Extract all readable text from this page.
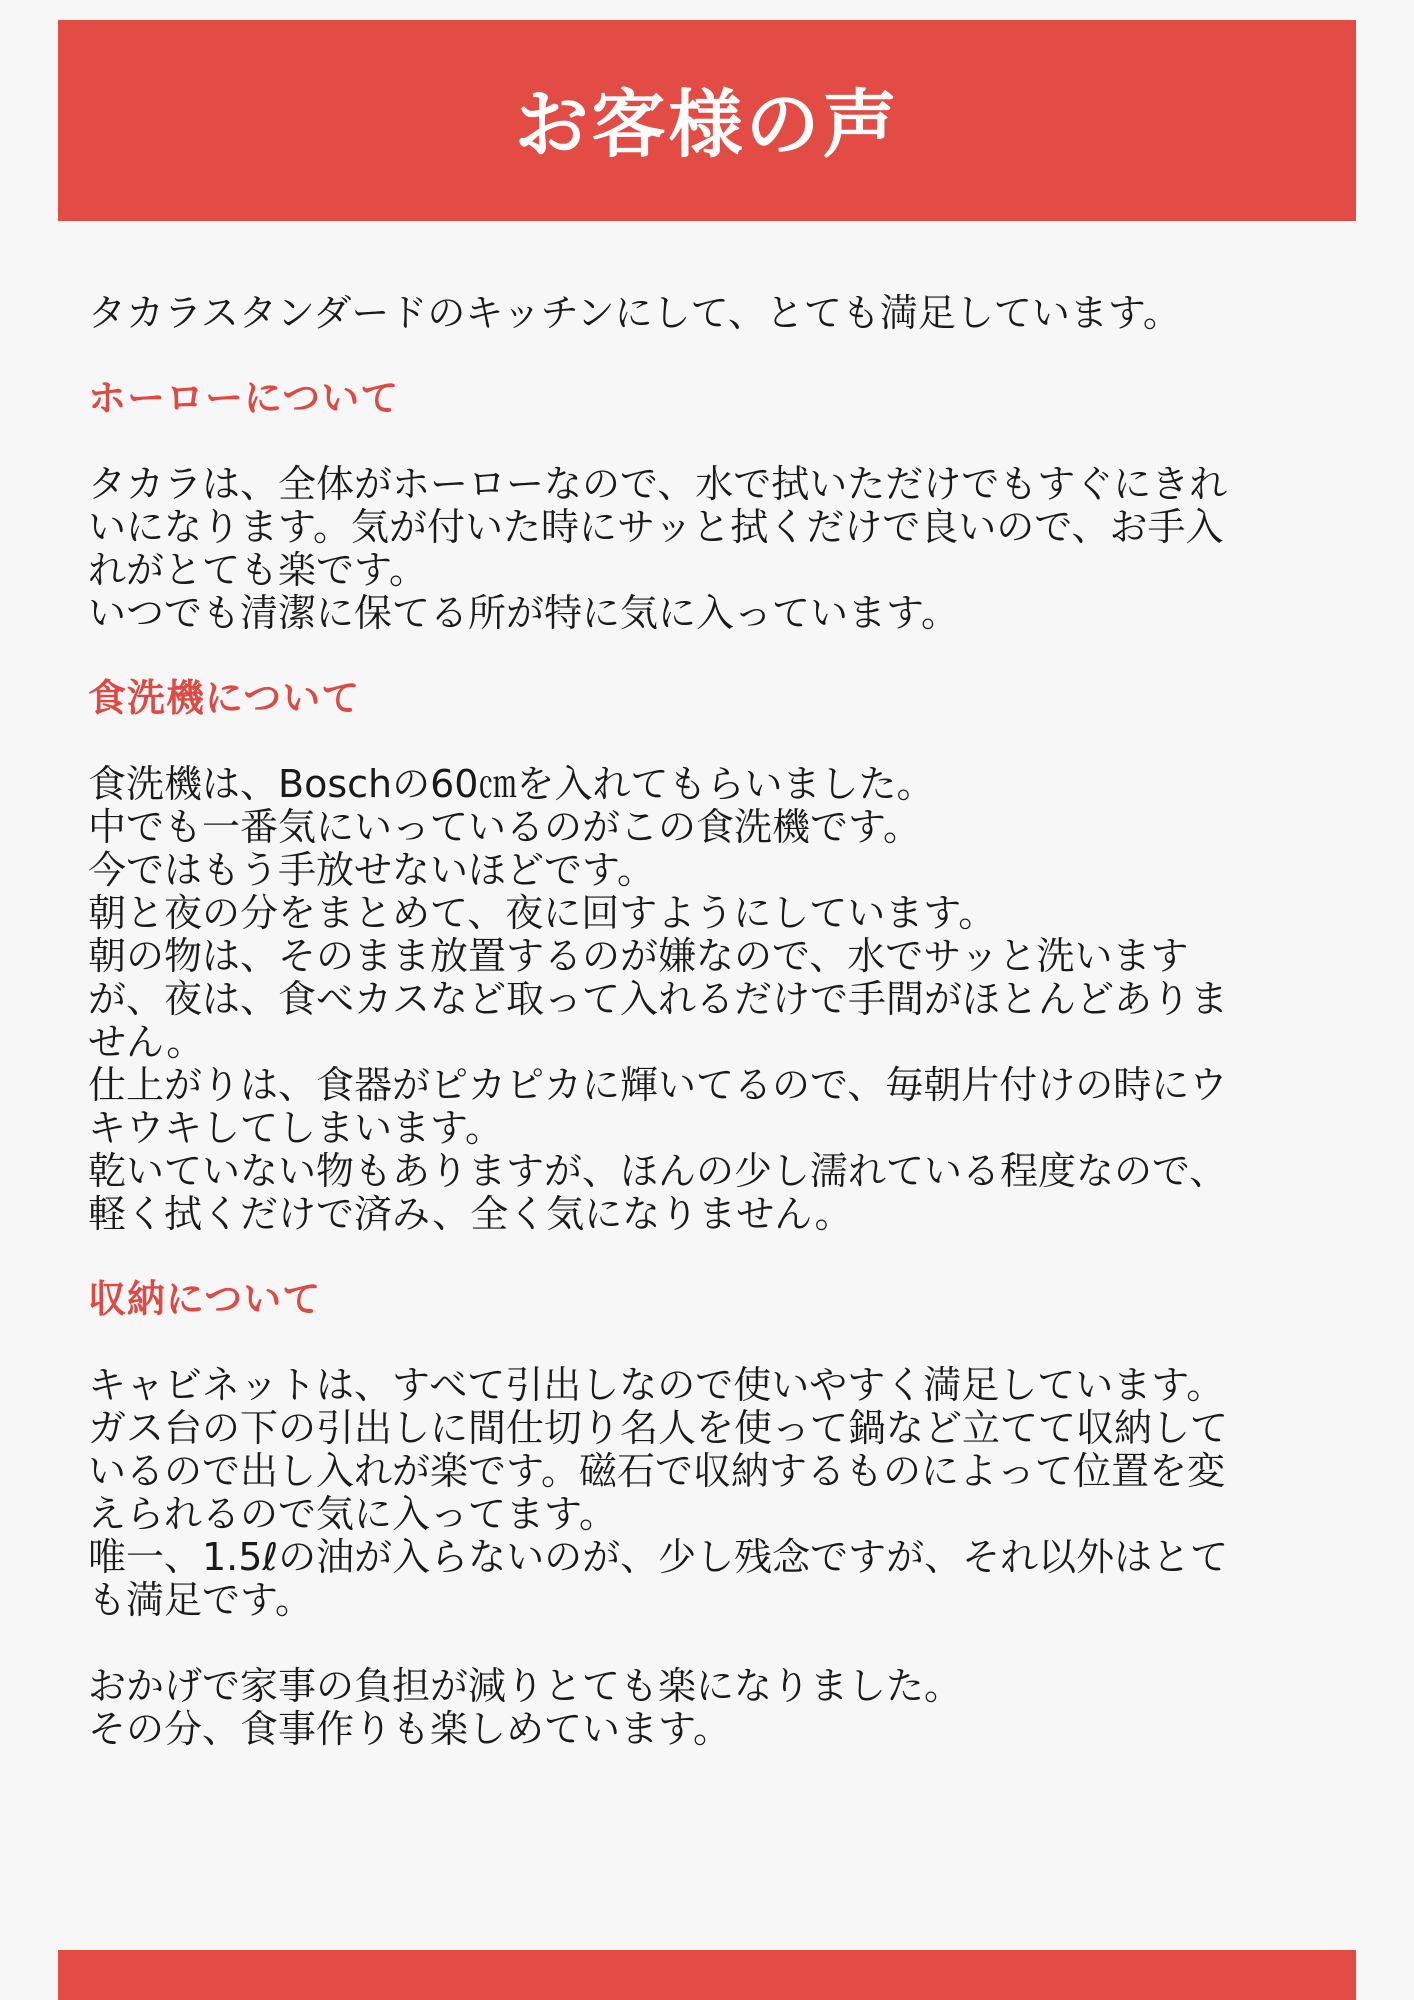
お客様の声

タカラスタンダードのキッチンにして、とても満足しています。

ホーローについて
タカラは、全体がホーローなので、水で拭いただけでもすぐにきれ
いになります。気が付いた時にサッと拭くだけで良いので、お手入
れがとても楽です。
いつでも清潔に保てる所が特に気に入っています。
食洗機について
食洗機は、Boschの60㎝を入れてもらいました。
中でも一番気にいっているのがこの食洗機です。
今ではもう手放せないほどです。
朝と夜の分をまとめて、夜に回すようにしています。
朝の物は、そのまま放置するのが嫌なので、水でサッと洗います
が、夜は、食べカスなど取って入れるだけで手間がほとんどありま
せん。
仕上がりは、食器がピカピカに輝いてるので、毎朝片付けの時にウ
キウキしてしまいます。
乾いていない物もありますが、ほんの少し濡れている程度なので、
軽く拭くだけで済み、全く気になりません。
収納について
キャビネットは、すべて引出しなので使いやすく満足しています。
ガス台の下の引出しに間仕切り名人を使って鍋など立てて収納して
いるので出し入れが楽です。磁石で収納するものによって位置を変
えられるので気に入ってます。
唯一、1.5ℓの油が入らないのが、少し残念ですが、それ以外はとて
も満足です。
おかげで家事の負担が減りとても楽になりました。
その分、食事作りも楽しめています。
